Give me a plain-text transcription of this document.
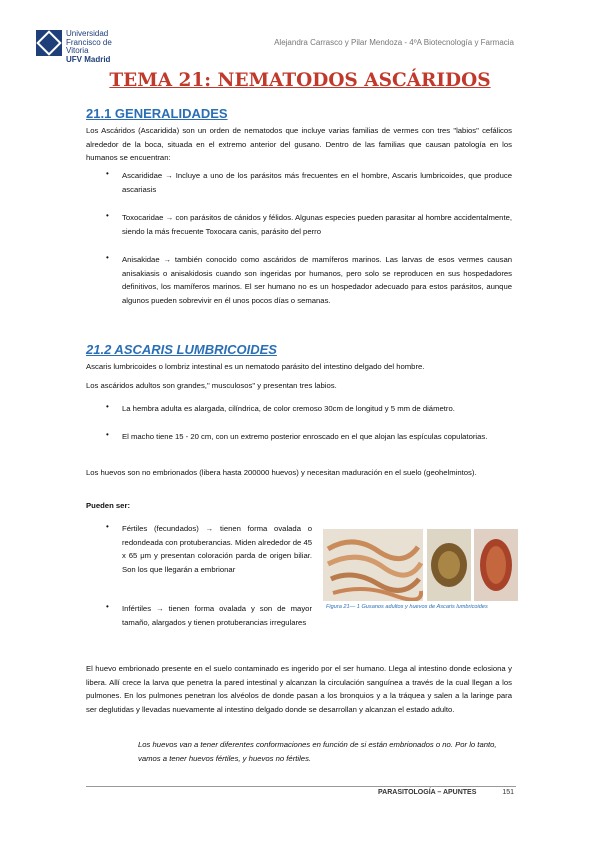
Universidad
Francisco de Vitoria
UFV Madrid
Alejandra Carrasco y Pilar Mendoza - 4ºA Biotecnología y Farmacia
TEMA 21: NEMATODOS ASCÁRIDOS
21.1 GENERALIDADES
Los Ascáridos (Ascaridida) son un orden de nematodos que incluye varias familias de vermes con tres "labios" cefálicos alrededor de la boca, situada en el extremo anterior del gusano. Dentro de las familias que causan patología en los humanos se encuentran:
• Ascarididae → Incluye a uno de los parásitos más frecuentes en el hombre, Ascaris lumbricoides, que produce ascariasis
• Toxocaridae → con parásitos de cánidos y félidos. Algunas especies pueden parasitar al hombre accidentalmente, siendo la más frecuente Toxocara canis, parásito del perro
• Anisakidae → también conocido como ascáridos de mamíferos marinos. Las larvas de esos vermes causan anisakiasis o anisakidosis cuando son ingeridas por humanos, pero solo se reproducen en sus hospedadores definitivos, los mamíferos marinos. El ser humano no es un hospedador adecuado para estos parásitos, aunque algunos pueden sobrevivir en él unos pocos días o semanas.
21.2 ASCARIS LUMBRICOIDES
Ascaris lumbricoides o lombriz intestinal es un nematodo parásito del intestino delgado del hombre.
Los ascáridos adultos son grandes," musculosos" y presentan tres labios.
• La hembra adulta es alargada, cilíndrica, de color cremoso 30cm de longitud y 5 mm de diámetro.
• El macho tiene 15 - 20 cm, con un extremo posterior enroscado en el que alojan las espículas copulatorias.
Los huevos son no embrionados (libera hasta 200000 huevos) y necesitan maduración en el suelo (geohelmintos).
Pueden ser:
• Fértiles (fecundados) → tienen forma ovalada o redondeada con protuberancias. Miden alrededor de 45 x 65 μm y presentan coloración parda de origen biliar. Son los que llegarán a embrionar
• Infértiles → tienen forma ovalada y son de mayor tamaño, alargados y tienen protuberancias irregulares
Figura 21— 1 Gusanos adultos y huevos de Ascaris lumbricoides
El huevo embrionado presente en el suelo contaminado es ingerido por el ser humano. Llega al intestino donde eclosiona y libera. Allí crece la larva que penetra la pared intestinal y alcanzan la circulación sanguínea a través de la cual llegan a los pulmones. En los pulmones penetran los alvéolos de donde pasan a los bronquios y a la tráquea y salen a la laringe para ser deglutidas y llevadas nuevamente al intestino delgado donde se desarrollan y alcanzan el estado adulto.
Los huevos van a tener diferentes conformaciones en función de si están embrionados o no. Por lo tanto, vamos a tener huevos fértiles, y huevos no fértiles.
PARASITOLOGÍA – APUNTES	151
